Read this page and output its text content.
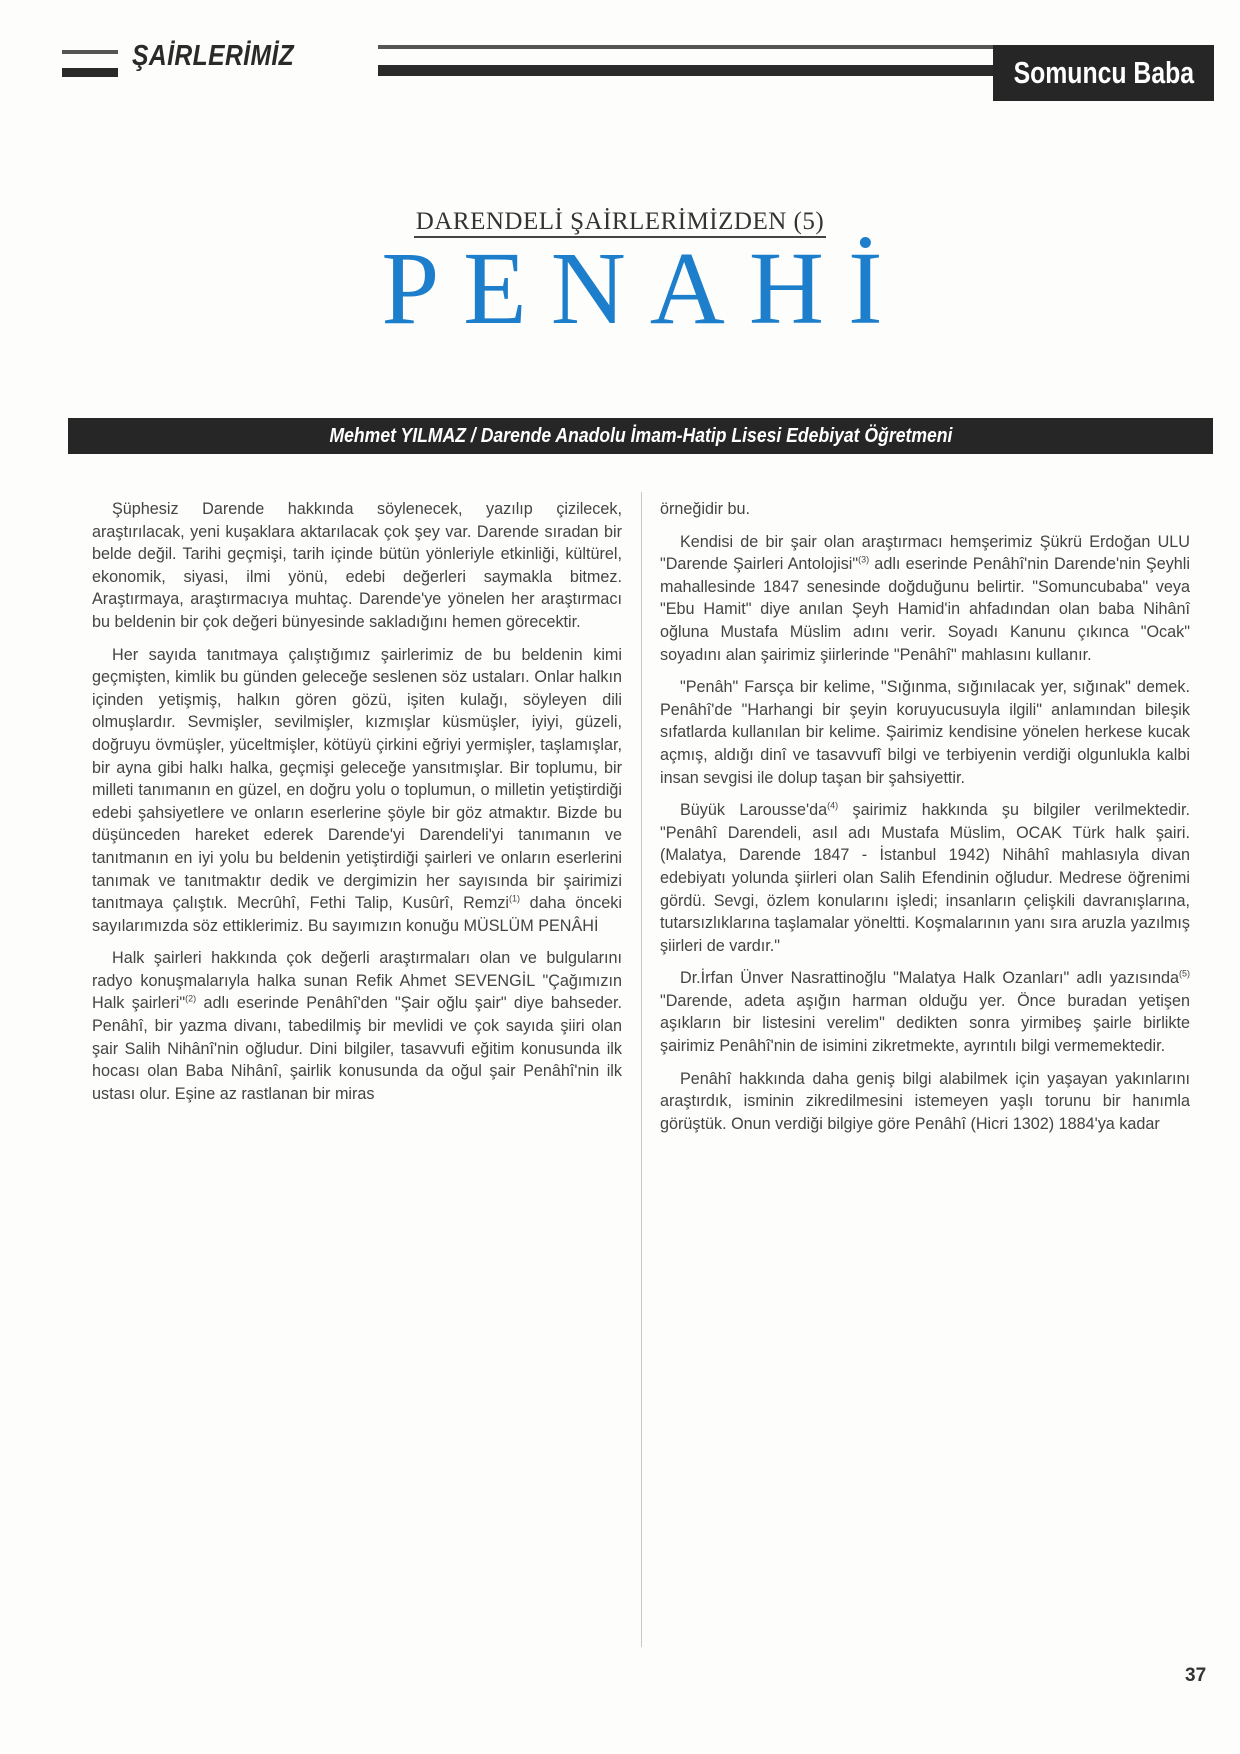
ŞAİRLERİMİZ	Somuncu Baba
DARENDELİ ŞAİRLERİMİZDEN (5)
PENAHİ
Mehmet YILMAZ / Darende Anadolu İmam-Hatip Lisesi Edebiyat Öğretmeni

Şüphesiz Darende hakkında söylenecek, yazılıp çizilecek, araştırılacak, yeni kuşaklara aktarılacak çok şey var. Darende sıradan bir belde değil. Tarihi geçmişi, tarih içinde bütün yönleriyle etkinliği, kültürel, ekonomik, siyasi, ilmi yönü, edebi değerleri saymakla bitmez. Araştırmaya, araştırmacıya muhtaç. Darende'ye yönelen her araştırmacı bu beldenin bir çok değeri bünyesinde sakladığını hemen görecektir.

Her sayıda tanıtmaya çalıştığımız şairlerimiz de bu beldenin kimi geçmişten, kimlik bu günden geleceğe seslenen söz ustaları. Onlar halkın içinden yetişmiş, halkın gören gözü, işiten kulağı, söyleyen dili olmuşlardır. Sevmişler, sevilmişler, kızmışlar küsmüşler, iyiyi, güzeli, doğruyu övmüşler, yüceltmişler, kötüyü çirkini eğriyi yermişler, taşlamışlar, bir ayna gibi halkı halka, geçmişi geleceğe yansıtmışlar. Bir toplumu, bir milleti tanımanın en güzel, en doğru yolu o toplumun, o milletin yetiştirdiği edebi şahsiyetlere ve onların eserlerine şöyle bir göz atmaktır. Bizde bu düşünceden hareket ederek Darende'yi Darendeli'yi tanımanın ve tanıtmanın en iyi yolu bu beldenin yetiştirdiği şairleri ve onların eserlerini tanımak ve tanıtmaktır dedik ve dergimizin her sayısında bir şairimizi tanıtmaya çalıştık. Mecrûhî, Fethi Talip, Kusûrî, Remzi$^{(1)}$ daha önceki sayılarımızda söz ettiklerimiz. Bu sayımızın konuğu MÜSLÜM PENÂHİ

Halk şairleri hakkında çok değerli araştırmaları olan ve bulgularını radyo konuşmalarıyla halka sunan Refik Ahmet SEVENGİL "Çağımızın Halk şairleri"$^{(2)}$ adlı eserinde Penâhî'den "Şair oğlu şair" diye bahseder. Penâhî, bir yazma divanı, tabedilmiş bir mevlidi ve çok sayıda şiiri olan şair Salih Nihânî'nin oğludur. Dini bilgiler, tasavvufi eğitim konusunda ilk hocası olan Baba Nihânî, şairlik konusunda da oğul şair Penâhî'nin ilk ustası olur. Eşine az rastlanan bir miras

örneğidir bu.

Kendisi de bir şair olan araştırmacı hemşerimiz Şükrü Erdoğan ULU "Darende Şairleri Antolojisi"$^{(3)}$ adlı eserinde Penâhî'nin Darende'nin Şeyhli mahallesinde 1847 senesinde doğduğunu belirtir. "Somuncubaba" veya "Ebu Hamit" diye anılan Şeyh Hamid'in ahfadından olan baba Nihânî oğluna Mustafa Müslim adını verir. Soyadı Kanunu çıkınca "Ocak" soyadını alan şairimiz şiirlerinde "Penâhî" mahlasını kullanır.

"Penâh" Farsça bir kelime, "Sığınma, sığınılacak yer, sığınak" demek. Penâhî'de "Harhangi bir şeyin koruyucusuyla ilgili" anlamından bileşik sıfatlarda kullanılan bir kelime. Şairimiz kendisine yönelen herkese kucak açmış, aldığı dinî ve tasavvufî bilgi ve terbiyenin verdiği olgunlukla kalbi insan sevgisi ile dolup taşan bir şahsiyettir.

Büyük $Larousse'da^{(4)}$ şairimiz hakkında şu bilgiler verilmektedir. "Penâhî Darendeli, asıl adı Mustafa Müslim, OCAK Türk halk şairi. (Malatya, Darende 1847 - İstanbul 1942) Nihâhî mahlasıyla divan edebiyatı yolunda şiirleri olan Salih Efendinin oğludur. Medrese öğrenimi gördü. Sevgi, özlem konularını işledi; insanların çelişkili davranışlarına, tutarsızlıklarına taşlamalar yöneltti. Koşmalarının yanı sıra aruzla yazılmış şiirleri de vardır."

Dr.İrfan Ünver Nasrattinoğlu "Malatya Halk Ozanları" adlı yazısında$^{(5)}$ "Darende, adeta aşığın harman olduğu yer. Önce buradan yetişen aşıkların bir listesini verelim" dedikten sonra yirmibeş şairle birlikte şairimiz Penâhî'nin de isimini zikretmekte, ayrıntılı bilgi vermemektedir.

Penâhî hakkında daha geniş bilgi alabilmek için yaşayan yakınlarını araştırdık, isminin zikredilmesini istemeyen yaşlı torunu bir hanımla görüştük. Onun verdiği bilgiye göre Penâhî (Hicri 1302) 1884'ya kadar

37
